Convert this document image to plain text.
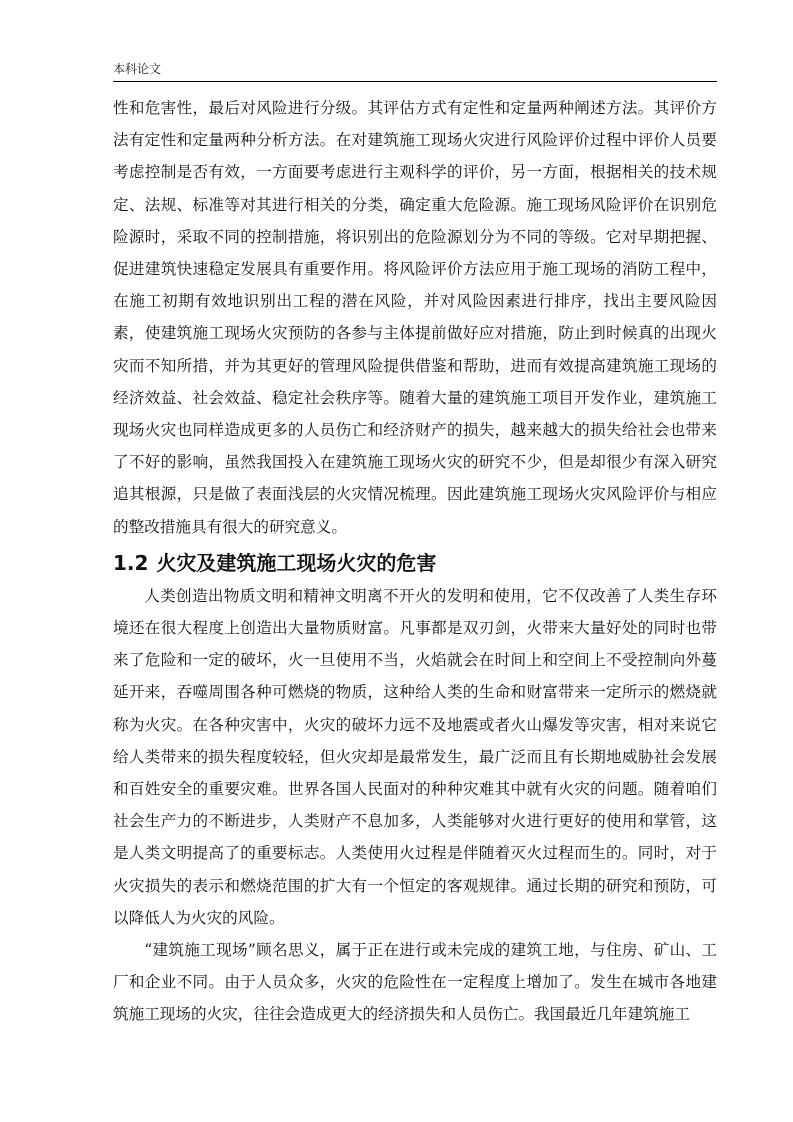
本科论文

性和危害性，最后对风险进行分级。其评估方式有定性和定量两种阐述方法。其评价方法有定性和定量两种分析方法。在对建筑施工现场火灾进行风险评价过程中评价人员要考虑控制是否有效，一方面要考虑进行主观科学的评价，另一方面，根据相关的技术规定、法规、标准等对其进行相关的分类，确定重大危险源。施工现场风险评价在识别危险源时，采取不同的控制措施，将识别出的危险源划分为不同的等级。它对早期把握、促进建筑快速稳定发展具有重要作用。将风险评价方法应用于施工现场的消防工程中，在施工初期有效地识别出工程的潜在风险，并对风险因素进行排序，找出主要风险因素，使建筑施工现场火灾预防的各参与主体提前做好应对措施，防止到时候真的出现火灾而不知所措，并为其更好的管理风险提供借鉴和帮助，进而有效提高建筑施工现场的经济效益、社会效益、稳定社会秩序等。随着大量的建筑施工项目开发作业，建筑施工现场火灾也同样造成更多的人员伤亡和经济财产的损失，越来越大的损失给社会也带来了不好的影响，虽然我国投入在建筑施工现场火灾的研究不少，但是却很少有深入研究追其根源，只是做了表面浅层的火灾情况梳理。因此建筑施工现场火灾风险评价与相应的整改措施具有很大的研究意义。

1.2 火灾及建筑施工现场火灾的危害

人类创造出物质文明和精神文明离不开火的发明和使用，它不仅改善了人类生存环境还在很大程度上创造出大量物质财富。凡事都是双刃剑，火带来大量好处的同时也带来了危险和一定的破坏，火一旦使用不当，火焰就会在时间上和空间上不受控制向外蔓延开来，吞噬周围各种可燃烧的物质，这种给人类的生命和财富带来一定所示的燃烧就称为火灾。在各种灾害中，火灾的破坏力远不及地震或者火山爆发等灾害，相对来说它给人类带来的损失程度较轻，但火灾却是最常发生，最广泛而且有长期地威胁社会发展和百姓安全的重要灾难。世界各国人民面对的种种灾难其中就有火灾的问题。随着咱们社会生产力的不断进步，人类财产不息加多，人类能够对火进行更好的使用和掌管，这是人类文明提高了的重要标志。人类使用火过程是伴随着灭火过程而生的。同时，对于火灾损失的表示和燃烧范围的扩大有一个恒定的客观规律。通过长期的研究和预防，可以降低人为火灾的风险。

“建筑施工现场”顾名思义，属于正在进行或未完成的建筑工地，与住房、矿山、工厂和企业不同。由于人员众多，火灾的危险性在一定程度上增加了。发生在城市各地建筑施工现场的火灾，往往会造成更大的经济损失和人员伤亡。我国最近几年建筑施工
